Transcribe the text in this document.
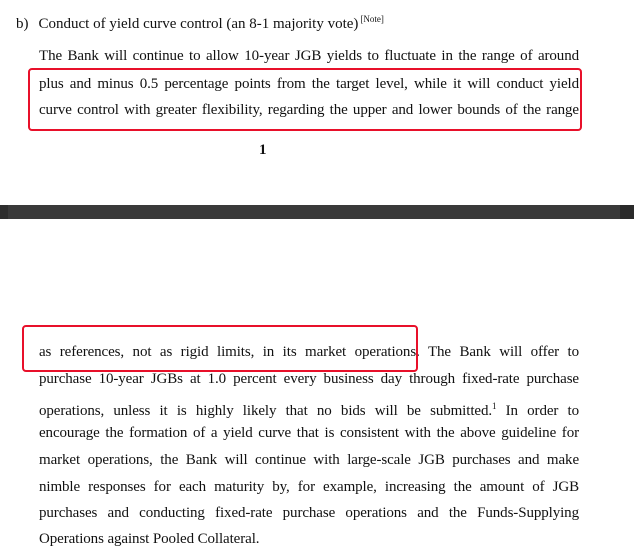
b) Conduct of yield curve control (an 8-1 majority vote) [Note]
The Bank will continue to allow 10-year JGB yields to fluctuate in the range of around
plus and minus 0.5 percentage points from the target level, while it will conduct yield
curve control with greater flexibility, regarding the upper and lower bounds of the range
1
as references, not as rigid limits, in its market operations. The Bank will offer to
purchase 10-year JGBs at 1.0 percent every business day through fixed-rate purchase
operations, unless it is highly likely that no bids will be submitted.$^1$ In order to
encourage the formation of a yield curve that is consistent with the above guideline for
market operations, the Bank will continue with large-scale JGB purchases and make
nimble responses for each maturity by, for example, increasing the amount of JGB
purchases and conducting fixed-rate purchase operations and the Funds-Supplying
Operations against Pooled Collateral.
